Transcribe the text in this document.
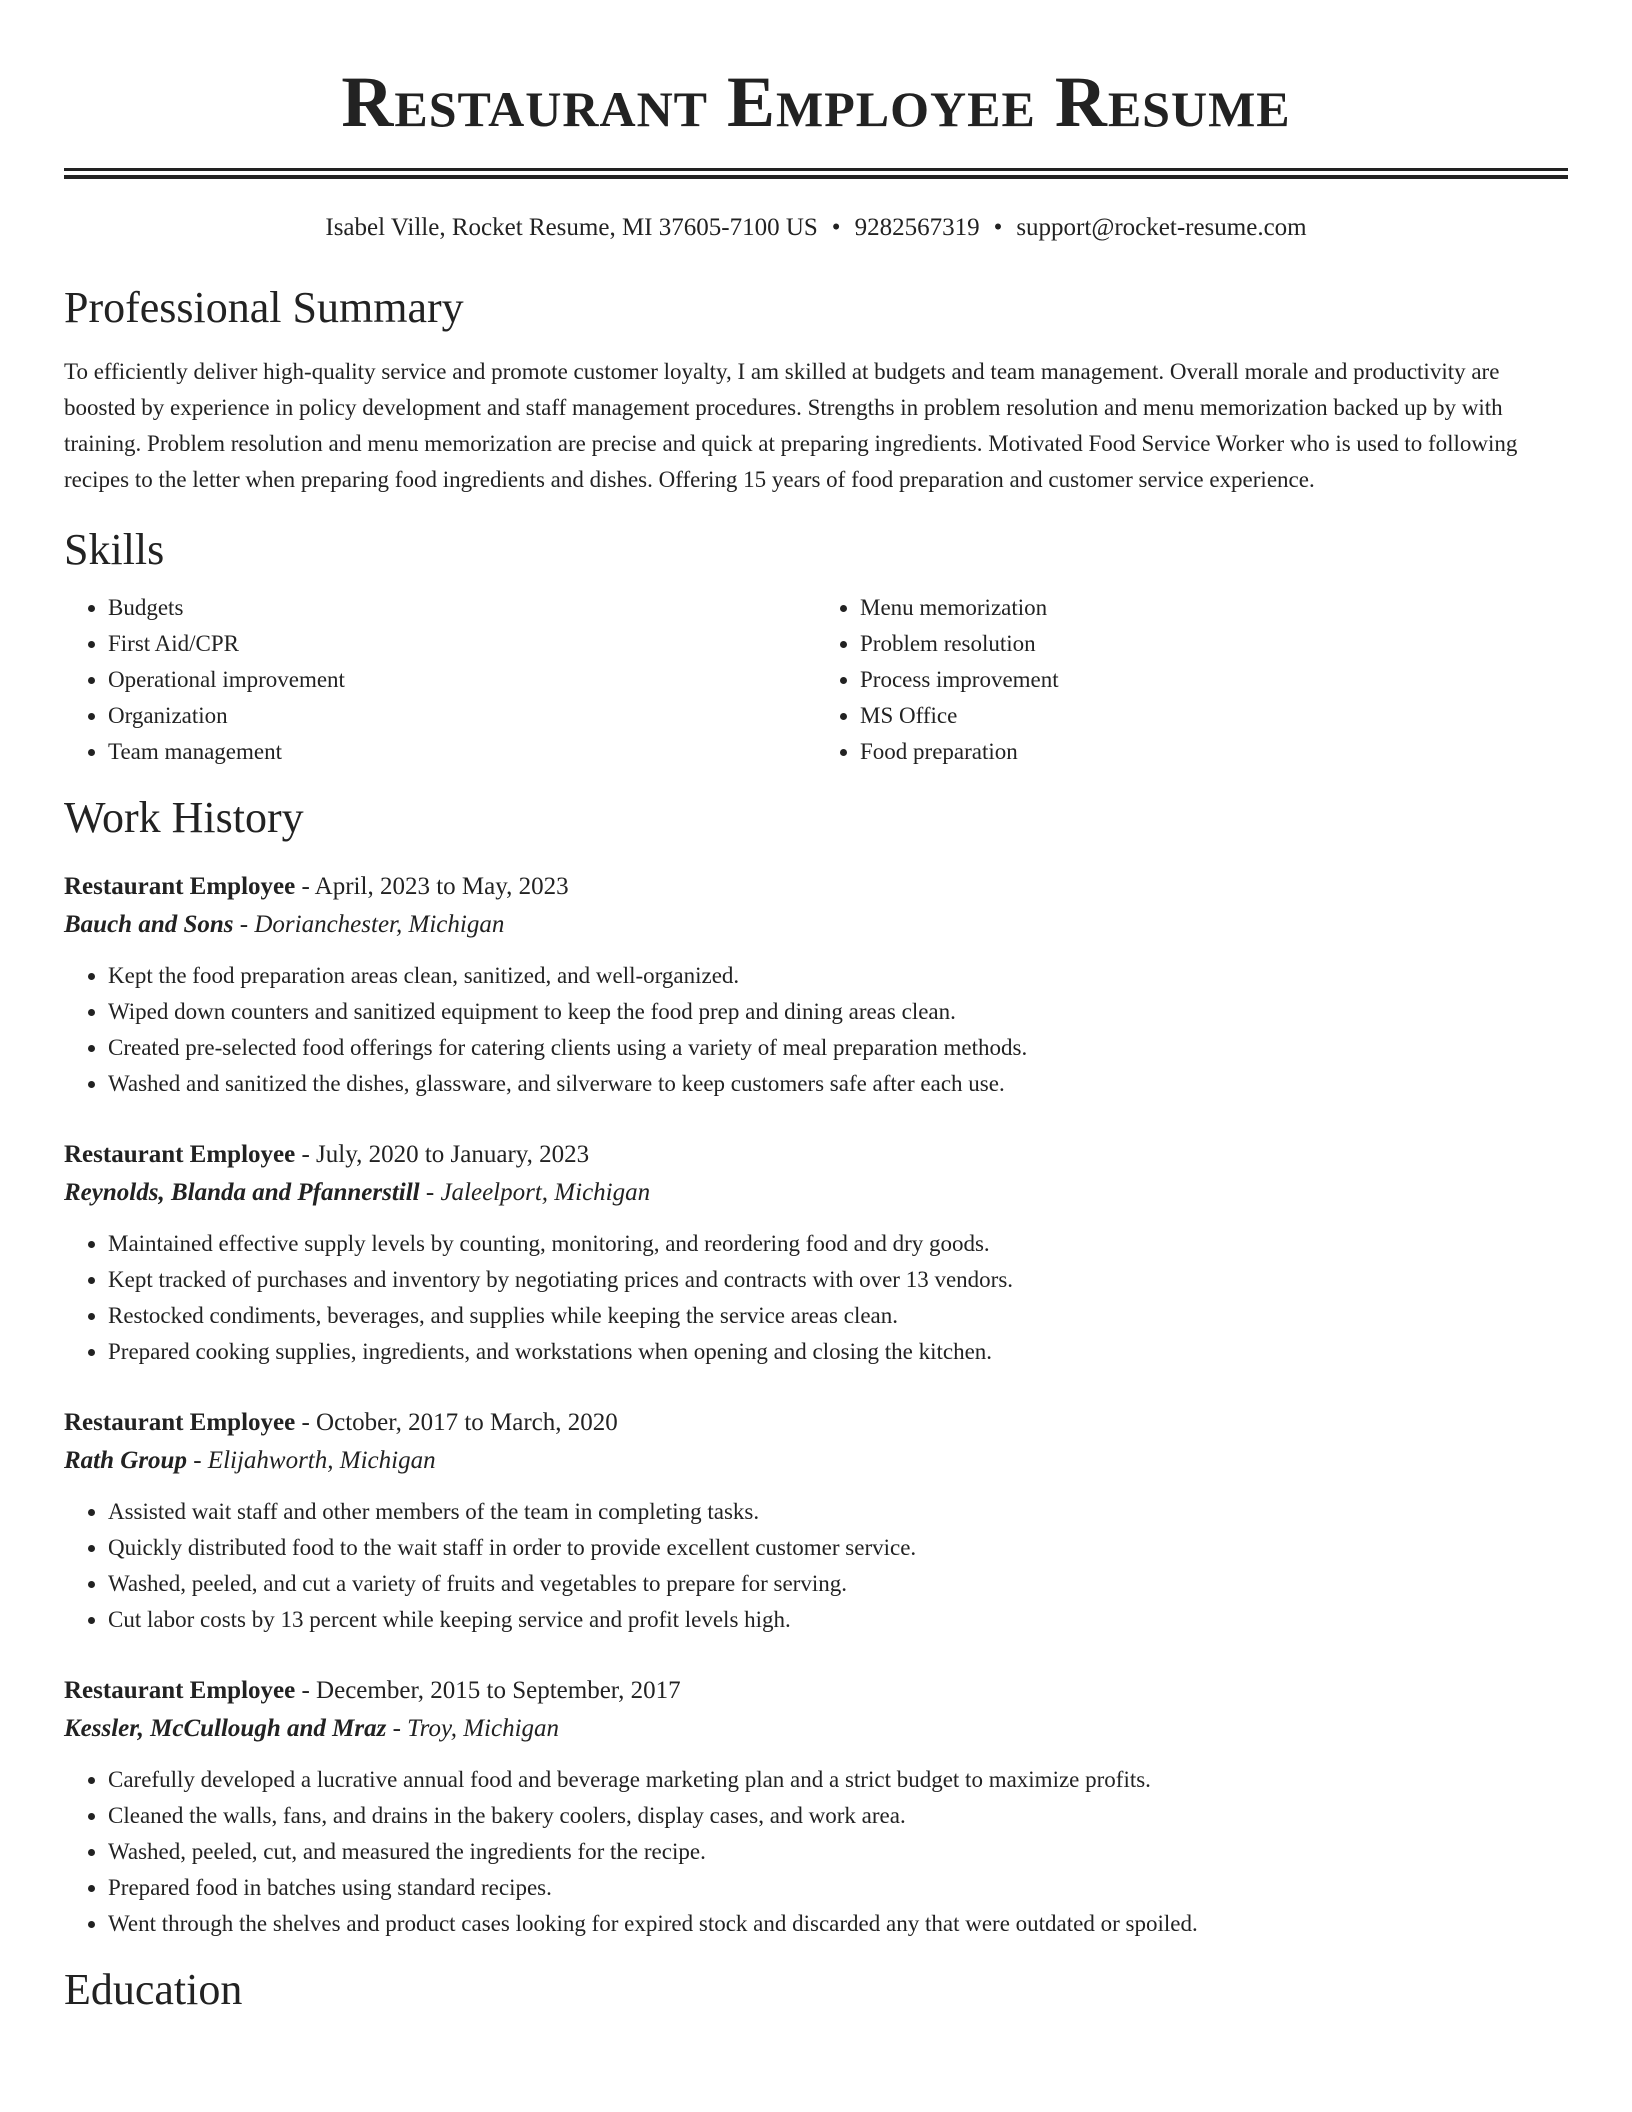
Restaurant Employee Resume
Isabel Ville, Rocket Resume, MI 37605-7100 US • 9282567319 • support@rocket-resume.com
Professional Summary

To efficiently deliver high-quality service and promote customer loyalty, I am skilled at budgets and team management. Overall morale and productivity are boosted by experience in policy development and staff management procedures. Strengths in problem resolution and menu memorization backed up by with training. Problem resolution and menu memorization are precise and quick at preparing ingredients. Motivated Food Service Worker who is used to following recipes to the letter when preparing food ingredients and dishes. Offering 15 years of food preparation and customer service experience.

Skills
• Budgets
• First Aid/CPR
• Operational improvement
• Organization
• Team management
• Menu memorization
• Problem resolution
• Process improvement
• MS Office
• Food preparation
Work History
Restaurant Employee - April, 2023 to May, 2023
Bauch and Sons - Dorianchester, Michigan
• Kept the food preparation areas clean, sanitized, and well-organized.
• Wiped down counters and sanitized equipment to keep the food prep and dining areas clean.
• Created pre-selected food offerings for catering clients using a variety of meal preparation methods.
• Washed and sanitized the dishes, glassware, and silverware to keep customers safe after each use.
Restaurant Employee - July, 2020 to January, 2023
Reynolds, Blanda and Pfannerstill - Jaleelport, Michigan
• Maintained effective supply levels by counting, monitoring, and reordering food and dry goods.
• Kept tracked of purchases and inventory by negotiating prices and contracts with over 13 vendors.
• Restocked condiments, beverages, and supplies while keeping the service areas clean.
• Prepared cooking supplies, ingredients, and workstations when opening and closing the kitchen.
Restaurant Employee - October, 2017 to March, 2020
Rath Group - Elijahworth, Michigan
• Assisted wait staff and other members of the team in completing tasks.
• Quickly distributed food to the wait staff in order to provide excellent customer service.
• Washed, peeled, and cut a variety of fruits and vegetables to prepare for serving.
• Cut labor costs by 13 percent while keeping service and profit levels high.
Restaurant Employee - December, 2015 to September, 2017
Kessler, McCullough and Mraz - Troy, Michigan
• Carefully developed a lucrative annual food and beverage marketing plan and a strict budget to maximize profits.
• Cleaned the walls, fans, and drains in the bakery coolers, display cases, and work area.
• Washed, peeled, cut, and measured the ingredients for the recipe.
• Prepared food in batches using standard recipes.
• Went through the shelves and product cases looking for expired stock and discarded any that were outdated or spoiled.
Education
